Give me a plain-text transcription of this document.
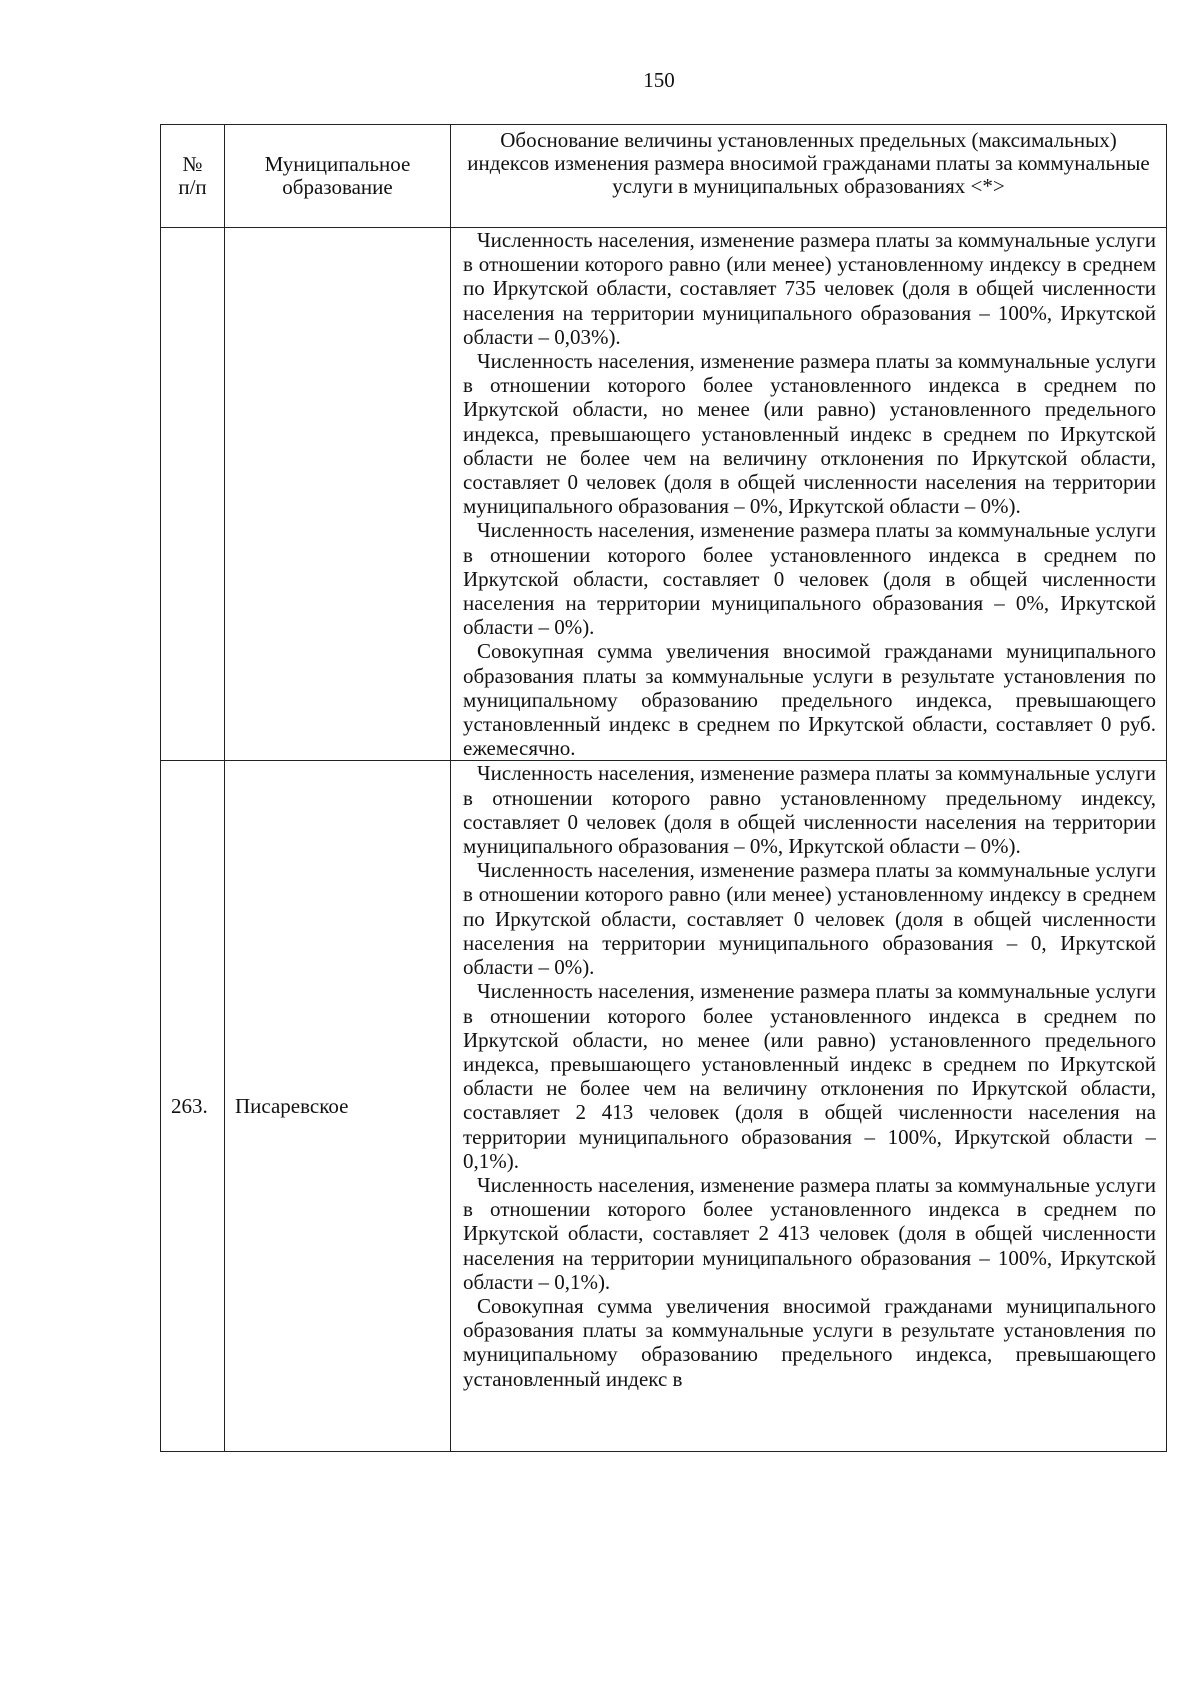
150
№
п/п	Муниципальное образование	Обоснование величины установленных предельных (максимальных) индексов изменения размера вносимой гражданами платы за коммунальные услуги в муниципальных образованиях <*>

		Численность населения, изменение размера платы за коммунальные услуги в отношении которого равно (или менее) установленному индексу в среднем по Иркутской области, составляет 735 человек (доля в общей численности населения на территории муниципального образования – 100%, Иркутской области – 0,03%).

Численность населения, изменение размера платы за коммунальные услуги в отношении которого более установленного индекса в среднем по Иркутской области, но менее (или равно) установленного предельного индекса, превышающего установленный индекс в среднем по Иркутской области не более чем на величину отклонения по Иркутской области, составляет 0 человек (доля в общей численности населения на территории муниципального образования – 0%, Иркутской области – 0%).

Численность населения, изменение размера платы за коммунальные услуги в отношении которого более установленного индекса в среднем по Иркутской области, составляет 0 человек (доля в общей численности населения на территории муниципального образования – 0%, Иркутской области – 0%).

Совокупная сумма увеличения вносимой гражданами муниципального образования платы за коммунальные услуги в результате установления по муниципальному образованию предельного индекса, превышающего установленный индекс в среднем по Иркутской области, составляет 0 руб. ежемесячно.

263.	Писаревское	Численность населения, изменение размера платы за коммунальные услуги в отношении которого равно установленному предельному индексу, составляет 0 человек (доля в общей численности населения на территории муниципального образования – 0%, Иркутской области – 0%).

Численность населения, изменение размера платы за коммунальные услуги в отношении которого равно (или менее) установленному индексу в среднем по Иркутской области, составляет 0 человек (доля в общей численности населения на территории муниципального образования – 0, Иркутской области – 0%).

Численность населения, изменение размера платы за коммунальные услуги в отношении которого более установленного индекса в среднем по Иркутской области, но менее (или равно) установленного предельного индекса, превышающего установленный индекс в среднем по Иркутской области не более чем на величину отклонения по Иркутской области, составляет 2 413 человек (доля в общей численности населения на территории муниципального образования – 100%, Иркутской области – 0,1%).

Численность населения, изменение размера платы за коммунальные услуги в отношении которого более установленного индекса в среднем по Иркутской области, составляет 2 413 человек (доля в общей численности населения на территории муниципального образования – 100%, Иркутской области – 0,1%).

Совокупная сумма увеличения вносимой гражданами муниципального образования платы за коммунальные услуги в результате установления по муниципальному образованию предельного индекса, превышающего установленный индекс в
